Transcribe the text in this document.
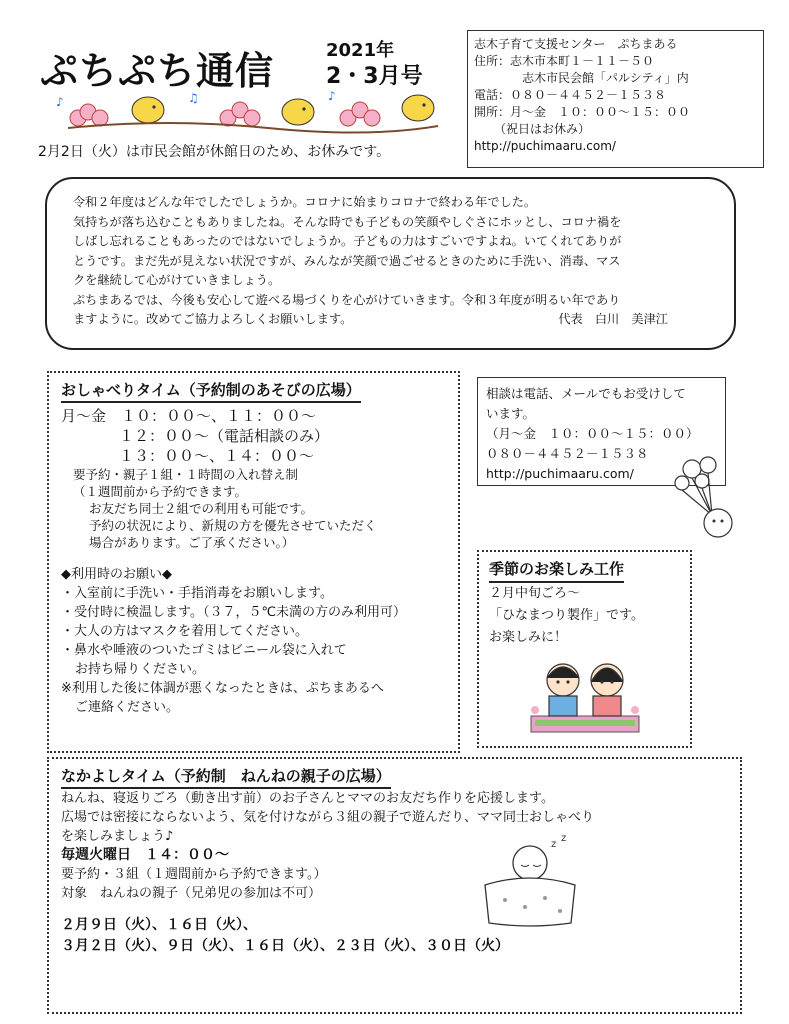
ぷちぷち通信	2021年
2・3月号
♪	♫	♪
2月2日（火）は市民会館が休館日のため、お休みです。
志木子育て支援センター　ぷちまある
住所：志木市本町１－１１－５０
志木市民会館「パルシティ」内
電話：０８０－４４５２－１５３８
開所：月～金　１０：００～１５：００
（祝日はお休み）
http://puchimaaru.com/
令和２年度はどんな年でしたでしょうか。コロナに始まりコロナで終わる年でした。
気持ちが落ち込むこともありましたね。そんな時でも子どもの笑顔やしぐさにホッとし、コロナ禍を
しばし忘れることもあったのではないでしょうか。子どもの力はすごいですよね。いてくれてありが
とうです。まだ先が見えない状況ですが、みんなが笑顔で過ごせるときのために手洗い、消毒、マス
クを継続して心がけていきましょう。
ぷちまあるでは、今後も安心して遊べる場づくりを心がけていきます。令和３年度が明るい年であり
ますように。改めてご協力よろしくお願いします。	代表　白川　美津江
おしゃべりタイム（予約制のあそびの広場）
月～金　１０：００～、１１：００～
１２：００～（電話相談のみ）
１３：００～、１４：００～
要予約・親子１組・１時間の入れ替え制
（１週間前から予約できます。
お友だち同士２組での利用も可能です。
予約の状況により、新規の方を優先させていただく
場合があります。ご了承ください。）
◆利用時のお願い◆
・入室前に手洗い・手指消毒をお願いします。
・受付時に検温します。（３７，５℃未満の方のみ利用可）
・大人の方はマスクを着用してください。
・鼻水や唾液のついたゴミはビニール袋に入れて
お持ち帰りください。
※利用した後に体調が悪くなったときは、ぷちまあるへ
ご連絡ください。
相談は電話、メールでもお受けして
います。
（月～金　１０：００～１５：００）
０８０－４４５２－１５３８
http://puchimaaru.com/
季節のお楽しみ工作
２月中旬ごろ～
「ひなまつり製作」です。
お楽しみに！
なかよしタイム（予約制　ねんねの親子の広場）
ねんね、寝返りごろ（動き出す前）のお子さんとママのお友だち作りを応援します。
広場では密接にならないよう、気を付けながら３組の親子で遊んだり、ママ同士おしゃべり
を楽しみましょう♪
毎週火曜日　１４：００～
要予約・３組（１週間前から予約できます。）
対象　ねんねの親子（兄弟児の参加は不可）
２月９日（火）、１６日（火）、
３月２日（火）、９日（火）、１６日（火）、２３日（火）、３０日（火）
z
z
